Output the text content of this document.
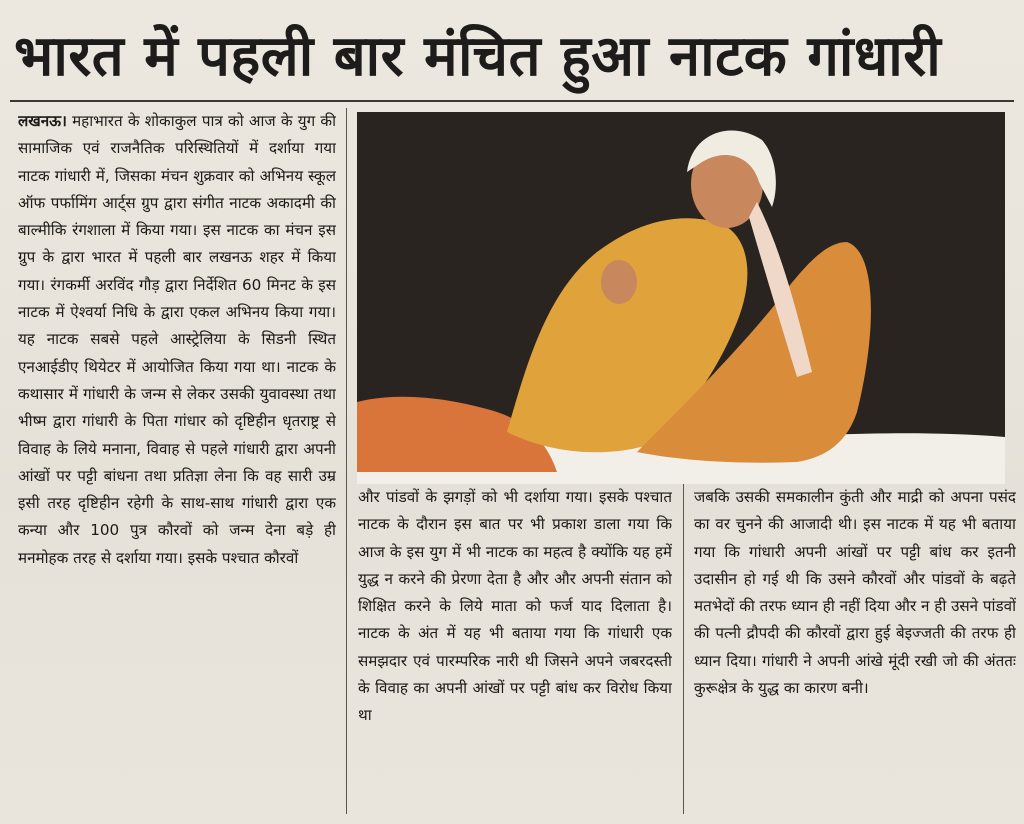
भारत में पहली बार मंचित हुआ नाटक गांधारी

लखनऊ। महाभारत के शोकाकुल पात्र को आज के युग की सामाजिक एवं राजनैतिक परिस्थितियों में दर्शाया गया नाटक गांधारी में, जिसका मंचन शुक्रवार को अभिनय स्कूल ऑफ पर्फामिंग आर्ट्स ग्रुप द्वारा संगीत नाटक अकादमी की बाल्मीकि रंगशाला में किया गया। इस नाटक का मंचन इस ग्रुप के द्वारा भारत में पहली बार लखनऊ शहर में किया गया। रंगकर्मी अरविंद गौड़ द्वारा निर्देशित 60 मिनट के इस नाटक में ऐश्वर्या निधि के द्वारा एकल अभिनय किया गया। यह नाटक सबसे पहले आस्ट्रेलिया के सिडनी स्थित एनआईडीए थियेटर में आयोजित किया गया था। नाटक के कथासार में गांधारी के जन्म से लेकर उसकी युवावस्था तथा भीष्म द्वारा गांधारी के पिता गांधार को दृष्टिहीन धृतराष्ट्र से विवाह के लिये मनाना, विवाह से पहले गांधारी द्वारा अपनी आंखों पर पट्टी बांधना तथा प्रतिज्ञा लेना कि वह सारी उम्र इसी तरह दृष्टिहीन रहेगी के साथ-साथ गांधारी द्वारा एक कन्या और 100 पुत्र कौरवों को जन्म देना बड़े ही मनमोहक तरह से दर्शाया गया। इसके पश्चात कौरवों

और पांडवों के झगड़ों को भी दर्शाया गया। इसके पश्चात नाटक के दौरान इस बात पर भी प्रकाश डाला गया कि आज के इस युग में भी नाटक का महत्व है क्योंकि यह हमें युद्ध न करने की प्रेरणा देता है और और अपनी संतान को शिक्षित करने के लिये माता को फर्ज याद दिलाता है। नाटक के अंत में यह भी बताया गया कि गांधारी एक समझदार एवं पारम्परिक नारी थी जिसने अपने जबरदस्ती के विवाह का अपनी आंखों पर पट्टी बांध कर विरोध किया था

जबकि उसकी समकालीन कुंती और माद्री को अपना पसंद का वर चुनने की आजादी थी। इस नाटक में यह भी बताया गया कि गांधारी अपनी आंखों पर पट्टी बांध कर इतनी उदासीन हो गई थी कि उसने कौरवों और पांडवों के बढ़ते मतभेदों की तरफ ध्यान ही नहीं दिया और न ही उसने पांडवों की पत्नी द्रौपदी की कौरवों द्वारा हुई बेइज्जती की तरफ ही ध्यान दिया। गांधारी ने अपनी आंखे मूंदी रखी जो की अंततः कुरूक्षेत्र के युद्ध का कारण बनी।
